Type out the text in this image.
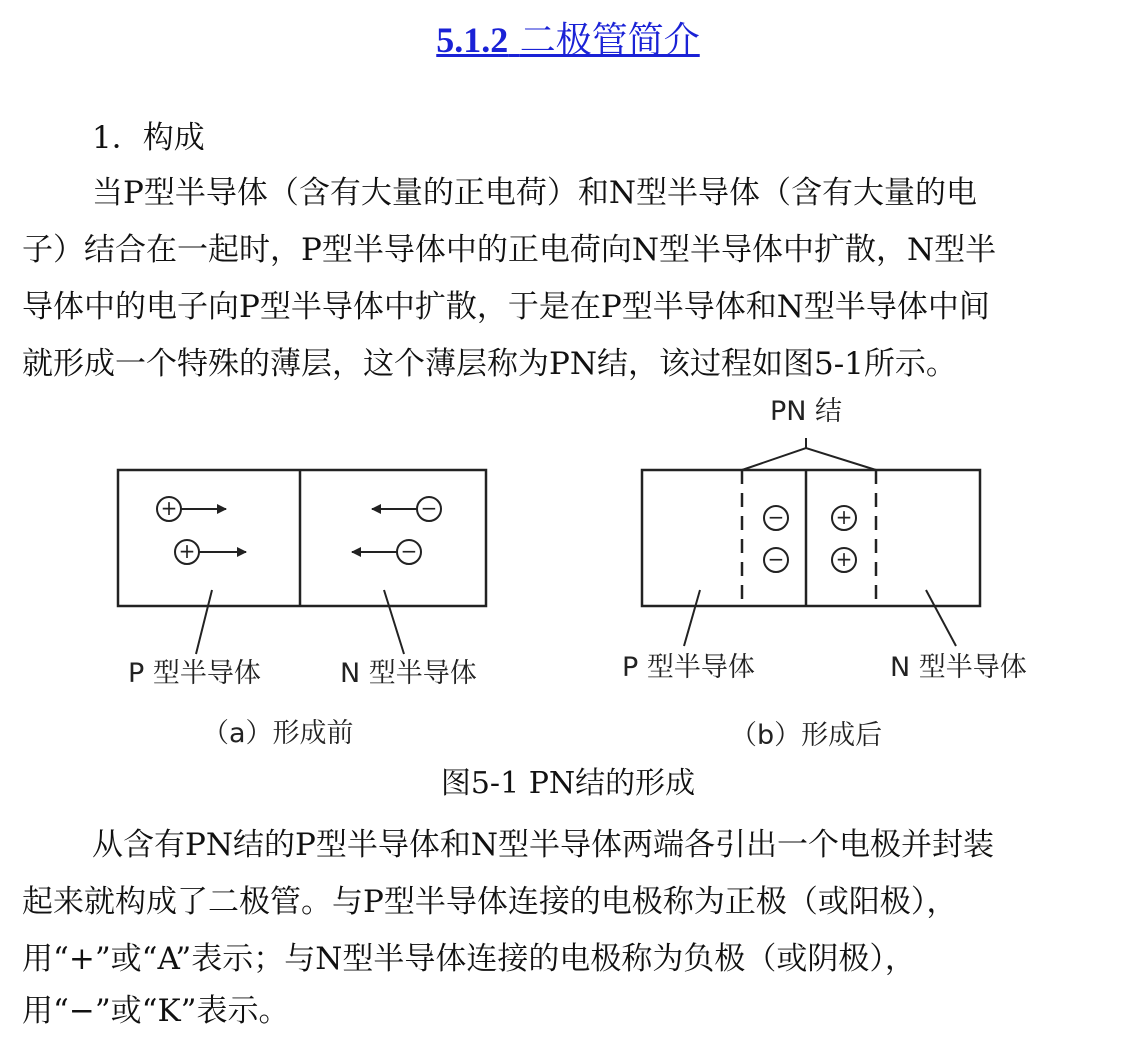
5.1.2 二极管简介
1．构成
当P型半导体（含有大量的正电荷）和N型半导体（含有大量的电
子）结合在一起时，P型半导体中的正电荷向N型半导体中扩散，N型半
导体中的电子向P型半导体中扩散，于是在P型半导体和N型半导体中间
就形成一个特殊的薄层，这个薄层称为PN结，该过程如图5-1所示。
+
+
−
−
P 型半导体	N 型半导体
（a）形成前
PN 结
−
−
+
+
P 型半导体	N 型半导体
（b）形成后
图5-1 PN结的形成
从含有PN结的P型半导体和N型半导体两端各引出一个电极并封装
起来就构成了二极管。与P型半导体连接的电极称为正极（或阳极），
用“+”或“A”表示；与N型半导体连接的电极称为负极（或阴极），
用“−”或“K”表示。
